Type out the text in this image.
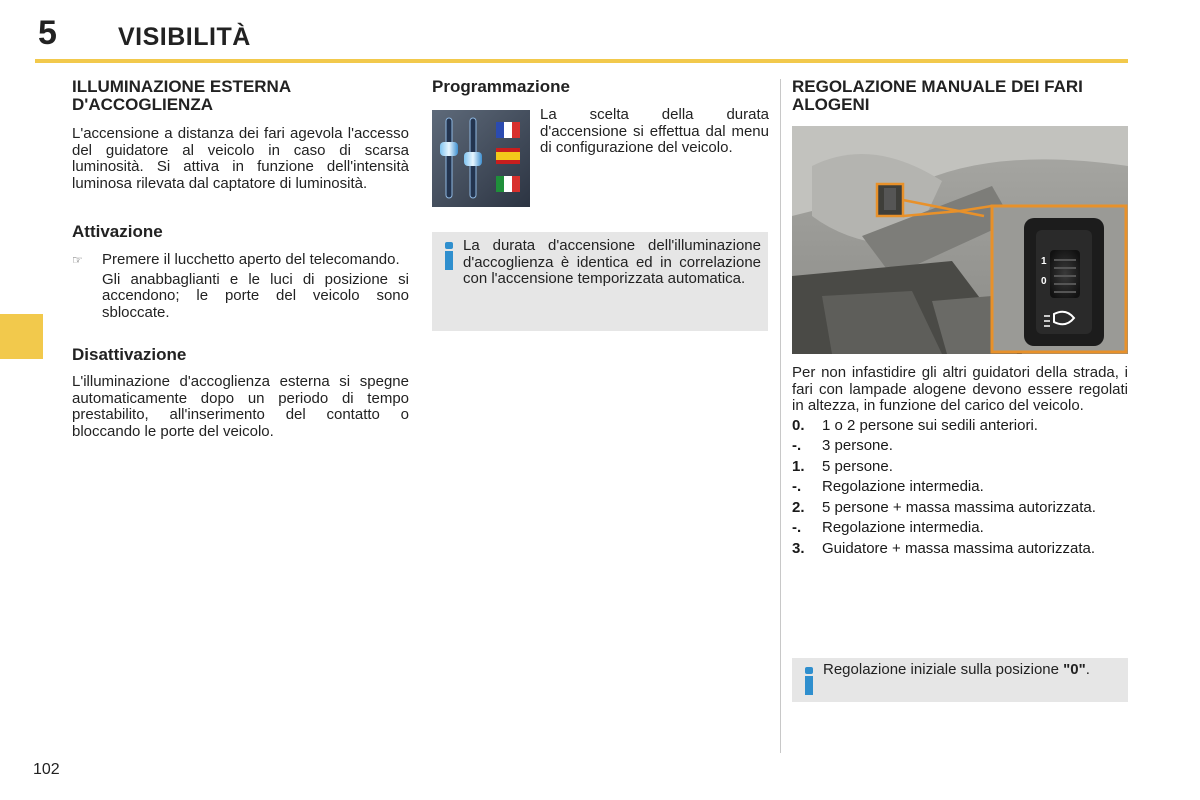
5 VISIBILITÀ
102
ILLUMINAZIONE ESTERNA D'ACCOGLIENZA

L'accensione a distanza dei fari agevola l'accesso del guidatore al veicolo in caso di scarsa luminosità. Si attiva in funzione dell'intensità luminosa rilevata dal captatore di luminosità.

Attivazione
☞	Premere il lucchetto aperto del telecomando.

Gli anabbaglianti e le luci di posizione si accendono; le porte del veicolo sono sbloccate.

Disattivazione

L'illuminazione d'accoglienza esterna si spegne automaticamente dopo un periodo di tempo prestabilito, all'inserimento del contatto o bloccando le porte del veicolo.

Programmazione

La scelta della durata d'accensione si effettua dal menu di configurazione del veicolo.

La durata d'accensione dell'illuminazione d'accoglienza è identica ed in correlazione con l'accensione temporizzata automatica.

REGOLAZIONE MANUALE DEI FARI ALOGENI
1
0

Per non infastidire gli altri guidatori della strada, i fari con lampade alogene devono essere regolati in altezza, in funzione del carico del veicolo.

0.	1 o 2 persone sui sedili anteriori.
-.	3 persone.
1.	5 persone.
-.	Regolazione intermedia.
2.	5 persone + massa massima autorizzata.
-.	Regolazione intermedia.
3.	Guidatore + massa massima autorizzata.

Regolazione iniziale sulla posizione "0".
